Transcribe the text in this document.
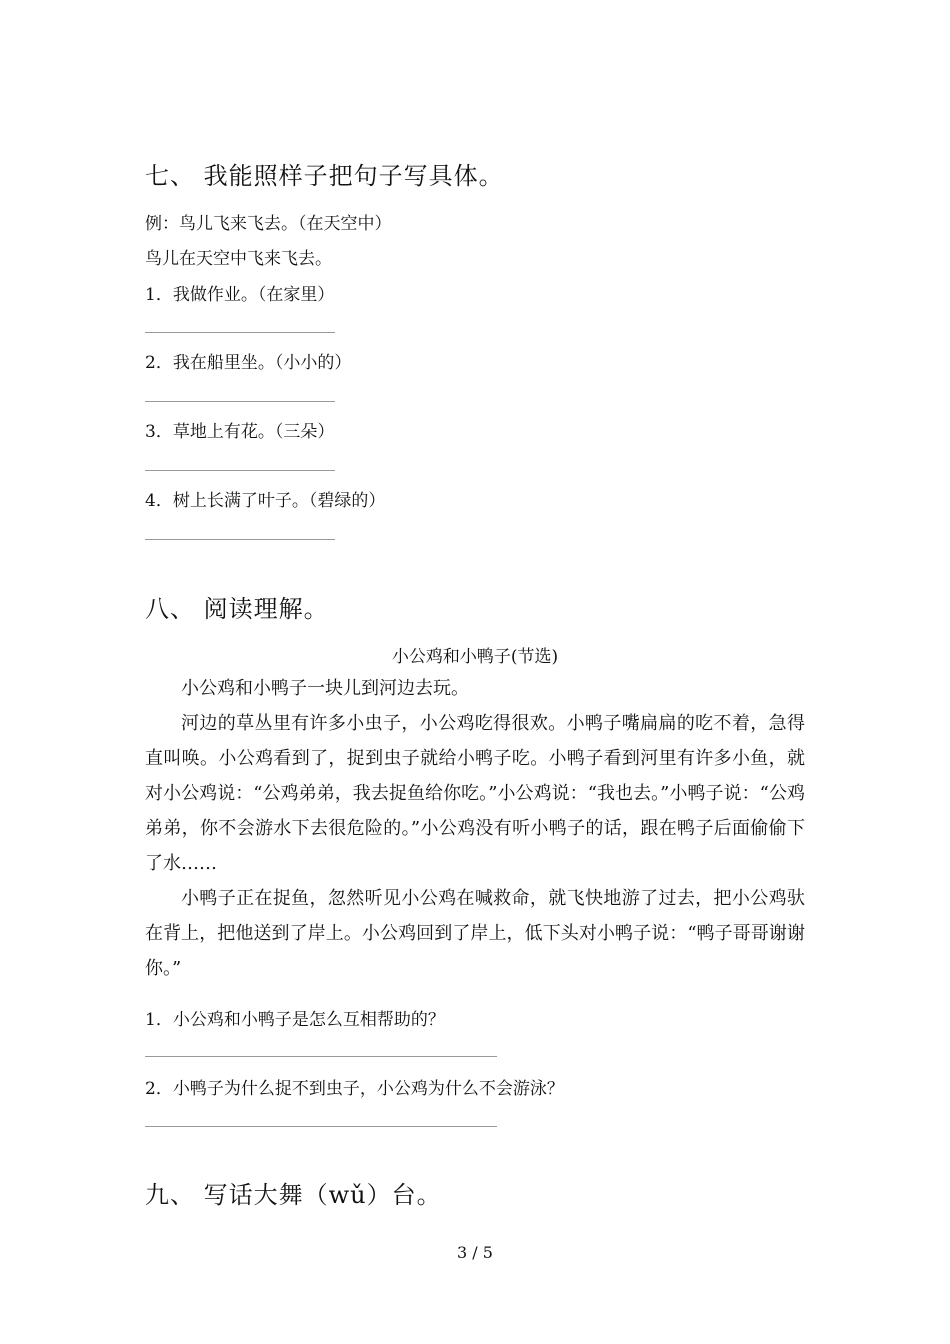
七、 我能照样子把句子写具体。
例：鸟儿飞来飞去。（在天空中）
鸟儿在天空中飞来飞去。
1．我做作业。（在家里）
2．我在船里坐。（小小的）
3．草地上有花。（三朵）
4．树上长满了叶子。（碧绿的）
八、 阅读理解。
小公鸡和小鸭子(节选)

小公鸡和小鸭子一块儿到河边去玩。

河边的草丛里有许多小虫子，小公鸡吃得很欢。小鸭子嘴扁扁的吃不着，急得直叫唤。小公鸡看到了，捉到虫子就给小鸭子吃。小鸭子看到河里有许多小鱼，就对小公鸡说：“公鸡弟弟，我去捉鱼给你吃。”小公鸡说：“我也去。”小鸭子说：“公鸡弟弟，你不会游水下去很危险的。”小公鸡没有听小鸭子的话，跟在鸭子后面偷偷下了水……

小鸭子正在捉鱼，忽然听见小公鸡在喊救命，就飞快地游了过去，把小公鸡驮在背上，把他送到了岸上。小公鸡回到了岸上，低下头对小鸭子说：“鸭子哥哥谢谢你。”

1．小公鸡和小鸭子是怎么互相帮助的？
2．小鸭子为什么捉不到虫子，小公鸡为什么不会游泳？
九、 写话大舞（wǔ）台。
3 / 5
